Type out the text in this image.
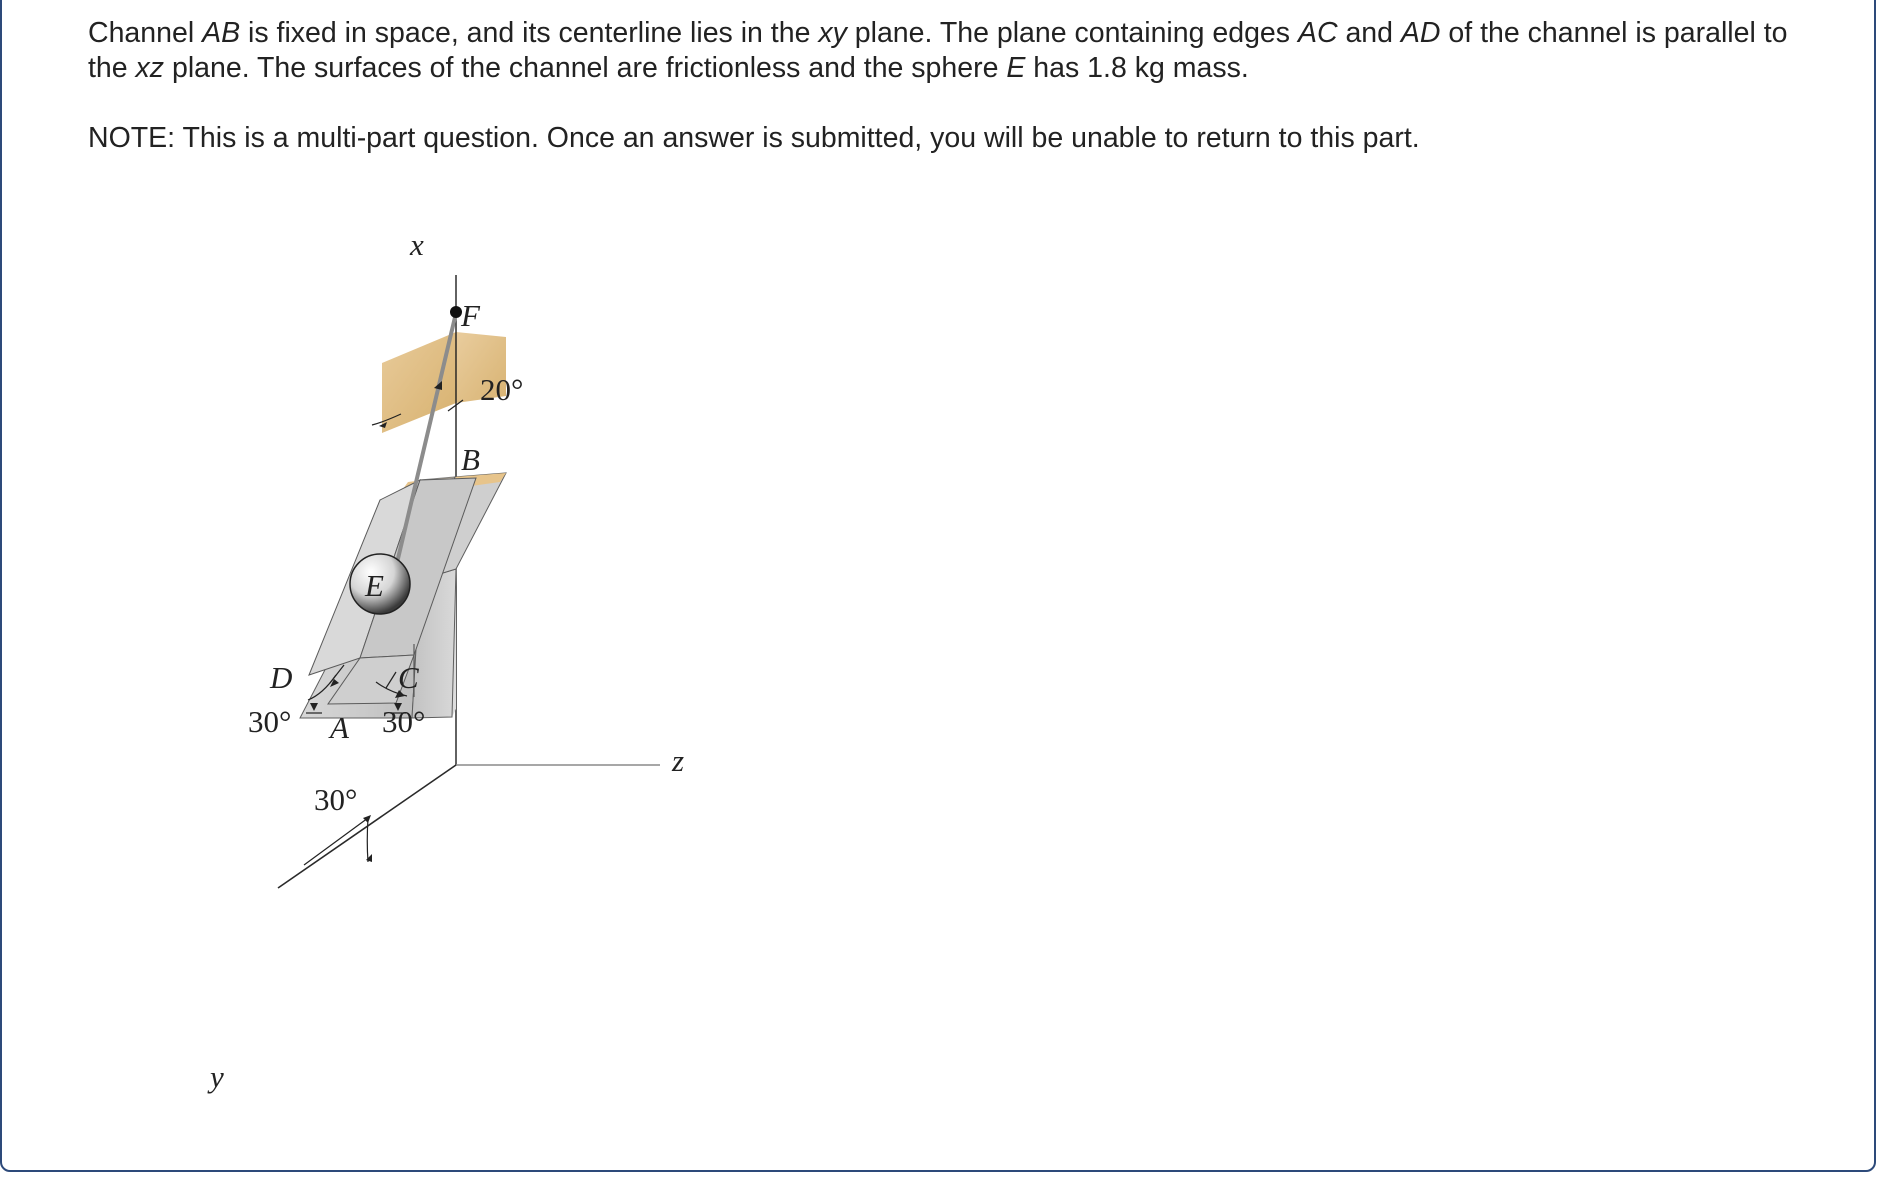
Channel AB is fixed in space, and its centerline lies in the xy plane. The plane containing edges AC and AD of the channel is parallel to the xz plane. The surfaces of the channel are frictionless and the sphere E has 1.8 kg mass.

NOTE: This is a multi-part question. Once an answer is submitted, you will be unable to return to this part.

x
y
z
F
B
E
D	C
A
20°
30°	30°
30°
